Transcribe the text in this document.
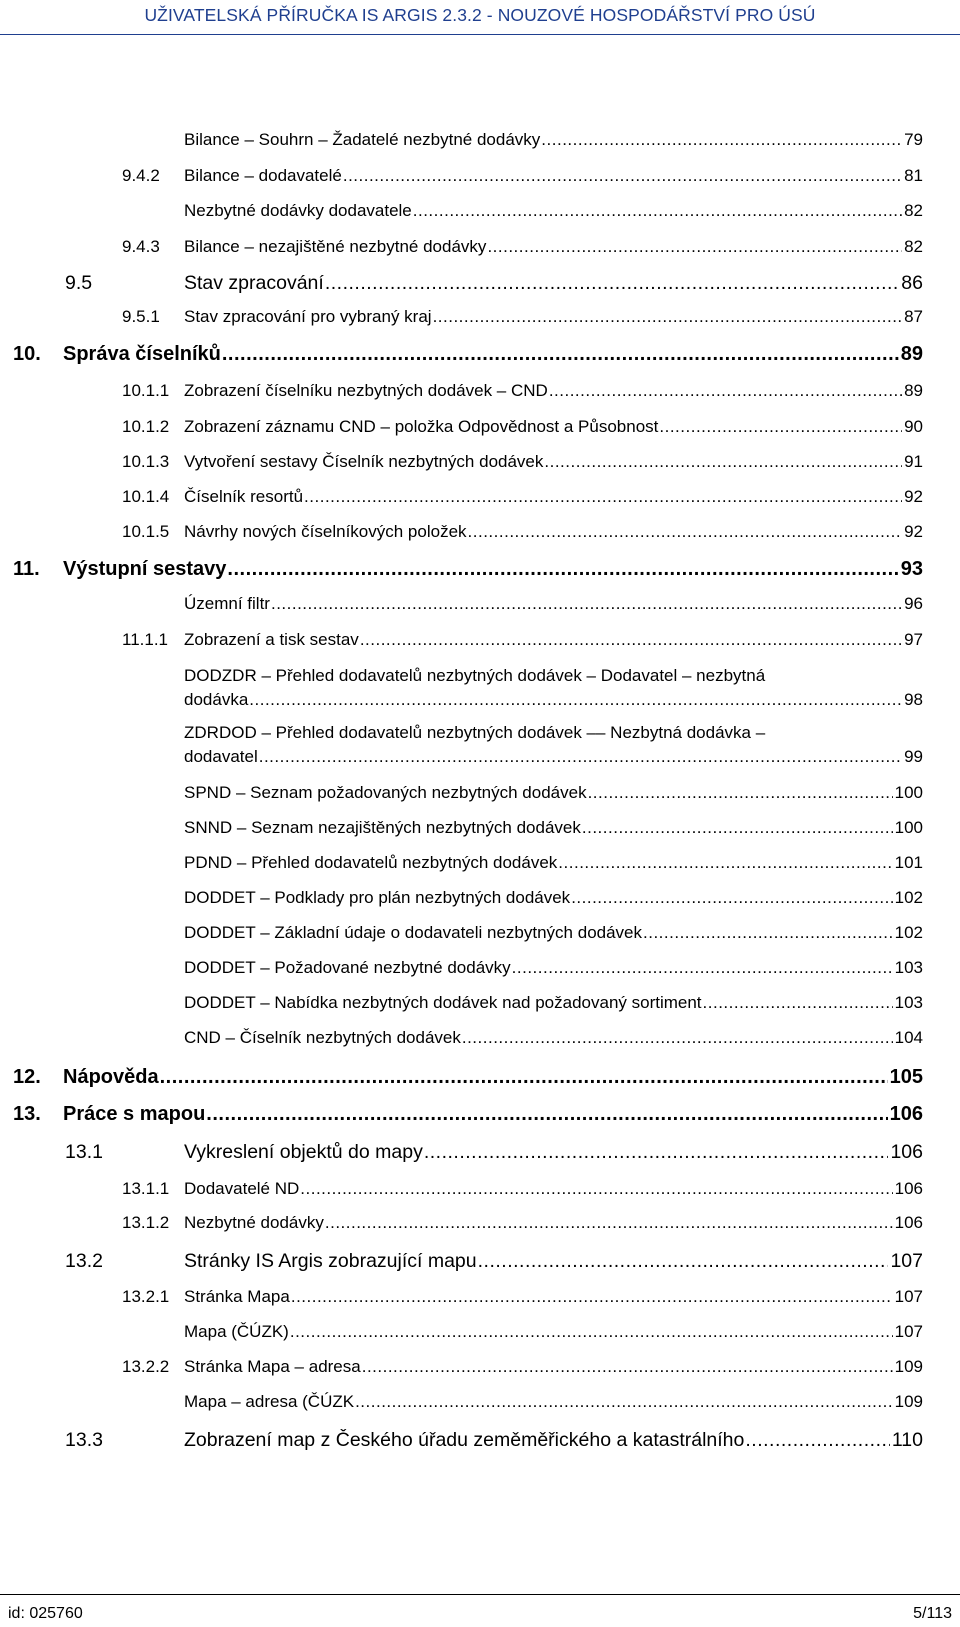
UŽIVATELSKÁ PŘÍRUČKA IS ARGIS 2.3.2 - NOUZOVÉ HOSPODÁŘSTVÍ PRO ÚSÚ
Bilance – Souhrn – Žadatelé nezbytné dodávky .....	79
9.4.2 Bilance – dodavatelé .....	81
Nezbytné dodávky dodavatele .....	82
9.4.3 Bilance – nezajištěné nezbytné dodávky .....	82
9.5	Stav zpracování .....	86
9.5.1 Stav zpracování pro vybraný kraj .....	87
10. Správa číselníků .....	89
10.1.1 Zobrazení číselníku nezbytných dodávek – CND .....	89
10.1.2 Zobrazení záznamu CND – položka Odpovědnost a Působnost .....	90
10.1.3 Vytvoření sestavy Číselník nezbytných dodávek .....	91
10.1.4 Číselník resortů .....	92
10.1.5 Návrhy nových číselníkových položek .....	92
11. Výstupní sestavy .....	93
Územní filtr .....	96
11.1.1 Zobrazení a tisk sestav .....	97
DODZDR – Přehled dodavatelů nezbytných dodávek – Dodavatel – nezbytná
dodávka .....	98
ZDRDOD – Přehled dodavatelů nezbytných dodávek –– Nezbytná dodávka –
dodavatel .....	99
SPND – Seznam požadovaných nezbytných dodávek .....	100
SNND – Seznam nezajištěných nezbytných dodávek .....	100
PDND – Přehled dodavatelů nezbytných dodávek .....	101
DODDET – Podklady pro plán nezbytných dodávek .....	102
DODDET – Základní údaje o dodavateli nezbytných dodávek .....	102
DODDET – Požadované nezbytné dodávky .....	103
DODDET – Nabídka nezbytných dodávek nad požadovaný sortiment .....	103
CND – Číselník nezbytných dodávek .....	104
12. Nápověda .....	105
13. Práce s mapou .....	106
13.1	Vykreslení objektů do mapy .....	106
13.1.1 Dodavatelé ND .....	106
13.1.2 Nezbytné dodávky .....	106
13.2	Stránky IS Argis zobrazující mapu .....	107
13.2.1 Stránka Mapa .....	107
Mapa (ČÚZK) .....	107
13.2.2 Stránka Mapa – adresa .....	109
Mapa – adresa (ČÚZK .....	109
13.3	Zobrazení map z Českého úřadu zeměměřického a katastrálního .....	110
id: 025760	5/113
